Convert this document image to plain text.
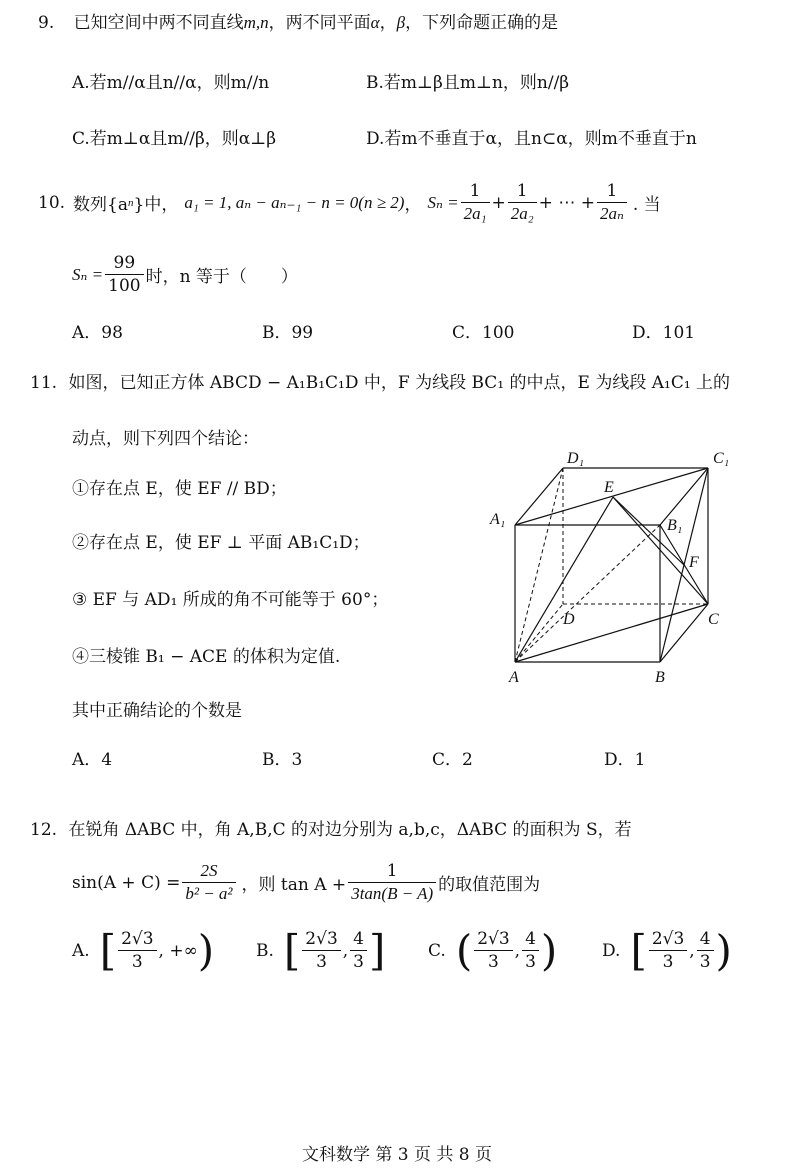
9. 已知空间中两不同直线m,n，两不同平面α，β，下列命题正确的是
A.若m//α且n//α，则m//n	B.若m⊥β且m⊥n，则n//β
C.若m⊥α且m//β，则α⊥β	D.若m不垂直于α，且n⊂α，则m不垂直于n
10. 数列{a n }中， a₁ = 1, aₙ − aₙ₋₁ − n = 0(n ≥ 2) ， $S_n = \frac{1}{\text{2a₁}} + \frac{1}{\text{2a₂}}$ + ⋯ + $\frac{1}{\text{2aₙ}}$ . 当
$S_n = \frac{99}{100}$ 时，n 等于（　　）
A．98	B．99	C．100	D．101
11. 如图，已知正方体 ABCD − A₁B₁C₁D 中，F 为线段 BC₁ 的中点，E 为线段 A₁C₁ 上的
动点，则下列四个结论：
①存在点 E，使 EF // BD；
②存在点 E，使 EF ⊥ 平面 AB₁C₁D；
③ EF 与 AD₁ 所成的角不可能等于 60°；
④三棱锥 B₁ − ACE 的体积为定值.
其中正确结论的个数是
A．4	B．3	C．2	D．1
D₁	C₁
A₁	B₁
E
F
D	C
A	B
12. 在锐角 ΔABC 中，角 A,B,C 的对边分别为 a,b,c，ΔABC 的面积为 S，若
$\sin(A + C) = \frac{2S}{\text{b² − a²}}$ ，则 $\tan A + \frac{1}{3\tan(B - A)}$ 的取值范围为
A. [ $\frac{2√3}{3}$ , +∞ ) B. [ $\frac{2√3}{3}$ , $\frac{4}{3}$ ]	C. ( $\frac{2√3}{3}$ , $\frac{4}{3}$ )	D. [ $\frac{2√3}{3}$ , $\frac{4}{3}$ )
文科数学 第 3 页 共 8 页
